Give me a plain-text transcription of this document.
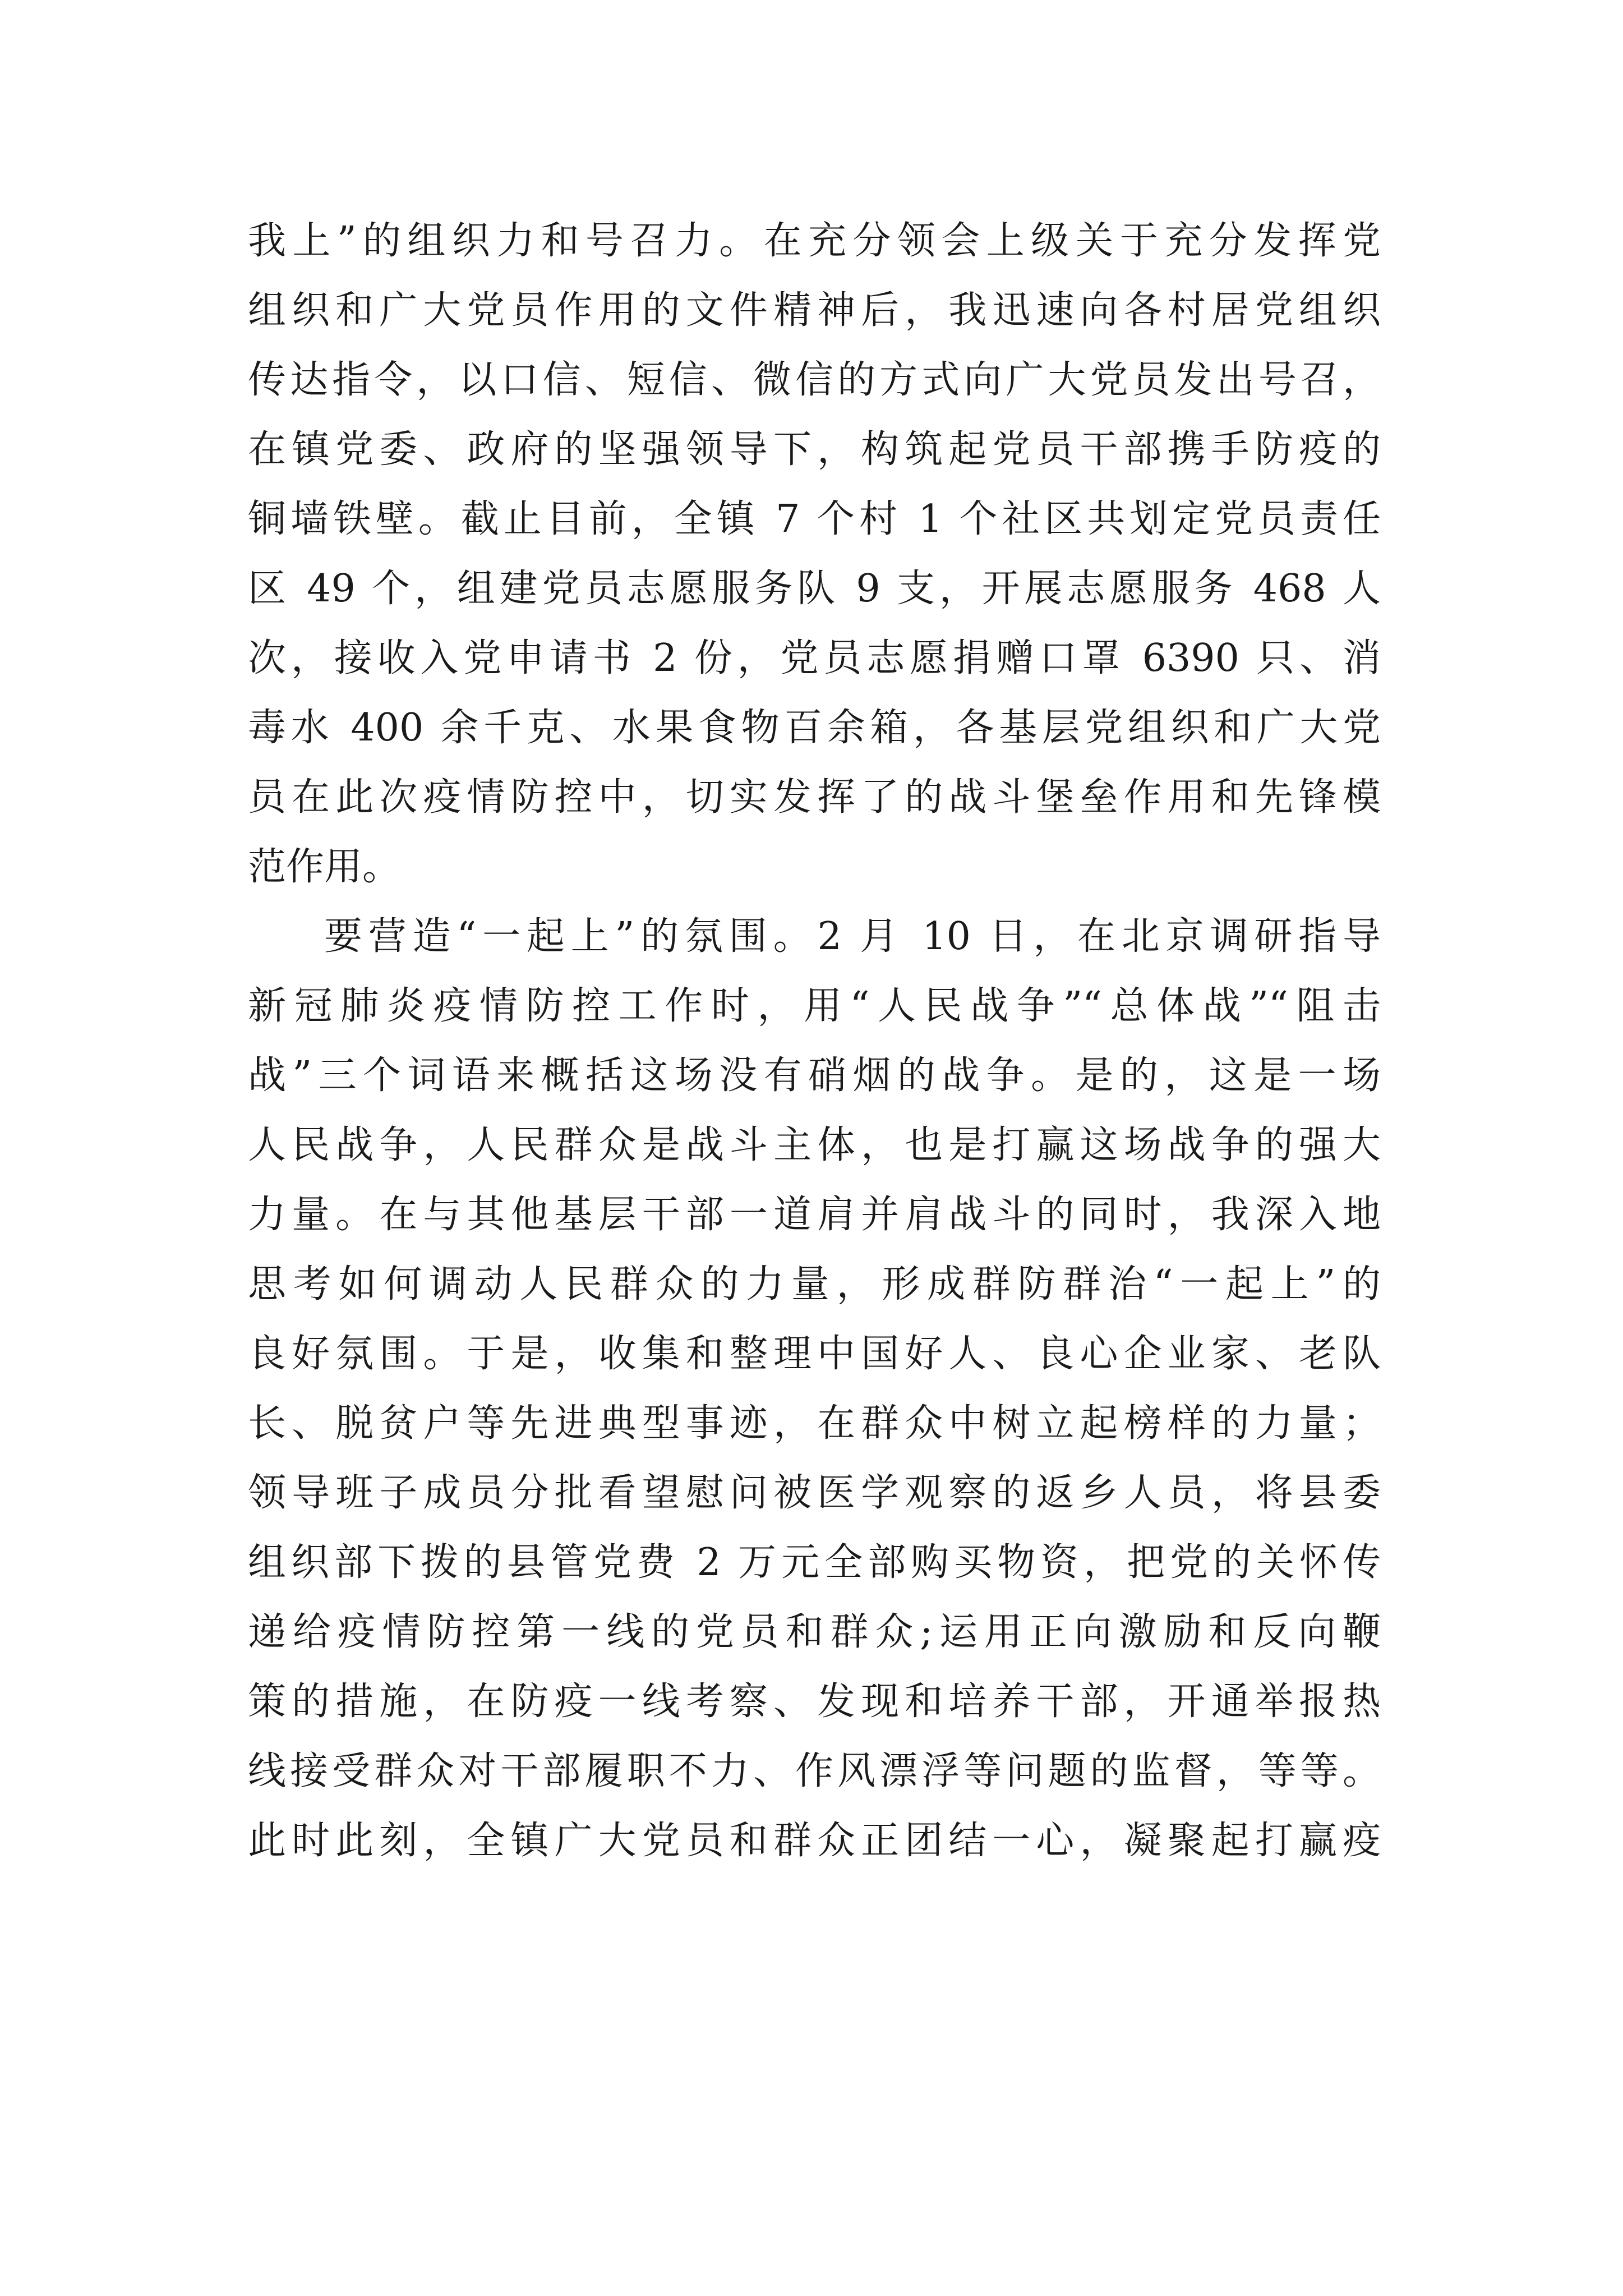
我上”的组织力和号召力。在充分领会上级关于充分发挥党
组织和广大党员作用的文件精神后，我迅速向各村居党组织
传达指令，以口信、短信、微信的方式向广大党员发出号召，
在镇党委、政府的坚强领导下，构筑起党员干部携手防疫的
铜墙铁壁。截止目前，全镇 7 个村 1 个社区共划定党员责任
区 49 个，组建党员志愿服务队 9 支，开展志愿服务 468 人
次，接收入党申请书 2 份，党员志愿捐赠口罩 6390 只、消
毒水 400 余千克、水果食物百余箱，各基层党组织和广大党
员在此次疫情防控中，切实发挥了的战斗堡垒作用和先锋模
范作用。
要营造“一起上”的氛围。2 月 10 日，在北京调研指导
新冠肺炎疫情防控工作时，用“人民战争”“总体战”“阻击
战”三个词语来概括这场没有硝烟的战争。是的，这是一场
人民战争，人民群众是战斗主体，也是打赢这场战争的强大
力量。在与其他基层干部一道肩并肩战斗的同时，我深入地
思考如何调动人民群众的力量，形成群防群治“一起上”的
良好氛围。于是，收集和整理中国好人、良心企业家、老队
长、脱贫户等先进典型事迹，在群众中树立起榜样的力量；
领导班子成员分批看望慰问被医学观察的返乡人员，将县委
组织部下拨的县管党费 2 万元全部购买物资，把党的关怀传
递给疫情防控第一线的党员和群众;运用正向激励和反向鞭
策的措施，在防疫一线考察、发现和培养干部，开通举报热
线接受群众对干部履职不力、作风漂浮等问题的监督，等等。
此时此刻，全镇广大党员和群众正团结一心，凝聚起打赢疫
